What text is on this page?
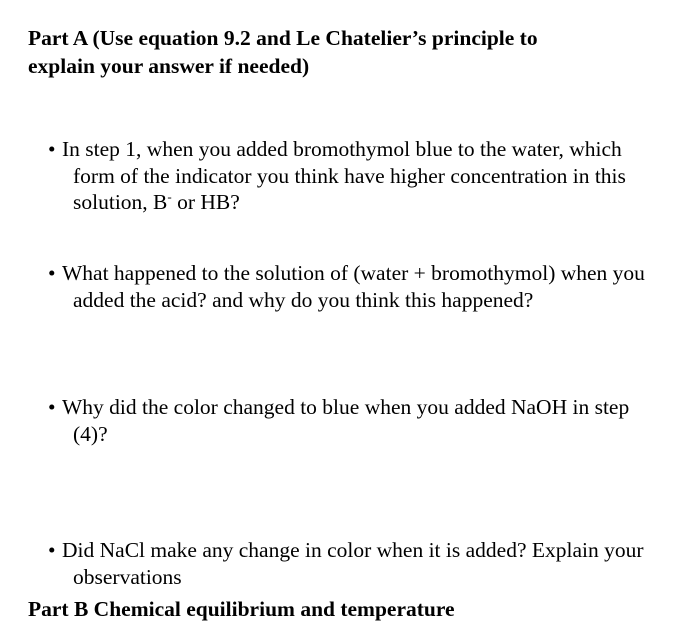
Part A (Use equation 9.2 and Le Chatelier’s principle to
explain your answer if needed)
• In step 1, when you added bromothymol blue to the water, which form of the indicator you think have higher concentration in this solution, B- or HB?
• What happened to the solution of (water + bromothymol) when you added the acid? and why do you think this happened?
• Why did the color changed to blue when you added NaOH in step (4)?
• Did NaCl make any change in color when it is added? Explain your observations
Part B Chemical equilibrium and temperature
